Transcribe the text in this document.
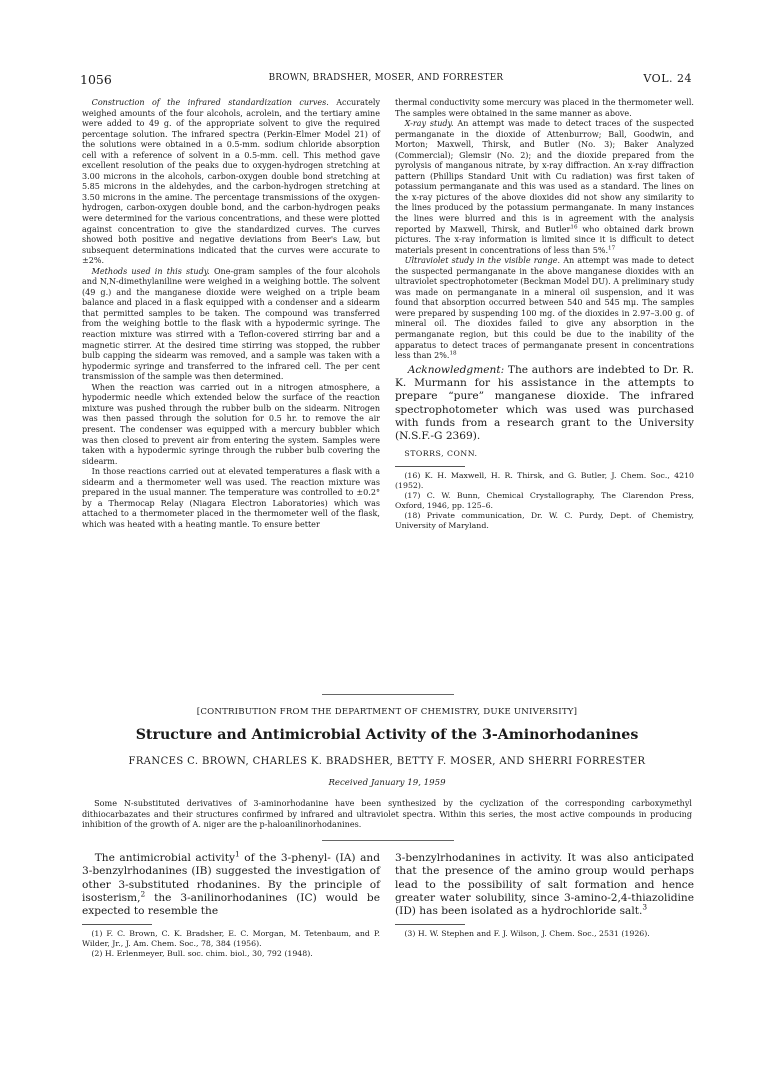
1056	BROWN, BRADSHER, MOSER, AND FORRESTER	VOL. 24

Construction of the infrared standardization curves. Accurately weighed amounts of the four alcohols, acrolein, and the tertiary amine were added to 49 g. of the appropriate solvent to give the required percentage solution. The infrared spectra (Perkin-Elmer Model 21) of the solutions were obtained in a 0.5-mm. sodium chloride absorption cell with a reference of solvent in a 0.5-mm. cell. This method gave excellent resolution of the peaks due to oxygen-hydrogen stretching at 3.00 microns in the alcohols, carbon-oxygen double bond stretching at 5.85 microns in the aldehydes, and the carbon-hydrogen stretching at 3.50 microns in the amine. The percentage transmissions of the oxygen-hydrogen, carbon-oxygen double bond, and the carbon-hydrogen peaks were determined for the various concentrations, and these were plotted against concentration to give the standardized curves. The curves showed both positive and negative deviations from Beer's Law, but subsequent determinations indicated that the curves were accurate to ±2%.

Methods used in this study. One-gram samples of the four alcohols and N,N-dimethylaniline were weighed in a weighing bottle. The solvent (49 g.) and the manganese dioxide were weighed on a triple beam balance and placed in a flask equipped with a condenser and a sidearm that permitted samples to be taken. The compound was transferred from the weighing bottle to the flask with a hypodermic syringe. The reaction mixture was stirred with a Teflon-covered stirring bar and a magnetic stirrer. At the desired time stirring was stopped, the rubber bulb capping the sidearm was removed, and a sample was taken with a hypodermic syringe and transferred to the infrared cell. The per cent transmission of the sample was then determined.

When the reaction was carried out in a nitrogen atmosphere, a hypodermic needle which extended below the surface of the reaction mixture was pushed through the rubber bulb on the sidearm. Nitrogen was then passed through the solution for 0.5 hr. to remove the air present. The condenser was equipped with a mercury bubbler which was then closed to prevent air from entering the system. Samples were taken with a hypodermic syringe through the rubber bulb covering the sidearm.

In those reactions carried out at elevated temperatures a flask with a sidearm and a thermometer well was used. The reaction mixture was prepared in the usual manner. The temperature was controlled to ±0.2° by a Thermocap Relay (Niagara Electron Laboratories) which was attached to a thermometer placed in the thermometer well of the flask, which was heated with a heating mantle. To ensure better

thermal conductivity some mercury was placed in the thermometer well. The samples were obtained in the same manner as above.

X-ray study. An attempt was made to detect traces of the suspected permanganate in the dioxide of Attenburrow; Ball, Goodwin, and Morton; Maxwell, Thirsk, and Butler (No. 3); Baker Analyzed (Commercial); Glemsir (No. 2); and the dioxide prepared from the pyrolysis of manganous nitrate, by x-ray diffraction. An x-ray diffraction pattern (Phillips Standard Unit with Cu radiation) was first taken of potassium permanganate and this was used as a standard. The lines on the x-ray pictures of the above dioxides did not show any similarity to the lines produced by the potassium permanganate. In many instances the lines were blurred and this is in agreement with the analysis reported by Maxwell, Thirsk, and Butler$^{16}$ who obtained dark brown pictures. The x-ray information is limited since it is difficult to detect materials present in concentrations of less than 5%.$^{17}$

Ultraviolet study in the visible range. An attempt was made to detect the suspected permanganate in the above manganese dioxides with an ultraviolet spectrophotometer (Beckman Model DU). A preliminary study was made on permanganate in a mineral oil suspension, and it was found that absorption occurred between 540 and 545 mμ. The samples were prepared by suspending 100 mg. of the dioxides in 2.97–3.00 g. of mineral oil. The dioxides failed to give any absorption in the permanganate region, but this could be due to the inability of the apparatus to detect traces of permanganate present in concentrations less than 2%.$^{18}$

Acknowledgment: The authors are indebted to Dr. R. K. Murmann for his assistance in the attempts to prepare “pure” manganese dioxide. The infrared spectrophotometer which was used was purchased with funds from a research grant to the University (N.S.F.-G 2369).

STORRS, CONN.

(16) K. H. Maxwell, H. R. Thirsk, and G. Butler, J. Chem. Soc., 4210 (1952).

(17) C. W. Bunn, Chemical Crystallography, The Clarendon Press, Oxford, 1946, pp. 125–6.

(18) Private communication, Dr. W. C. Purdy, Dept. of Chemistry, University of Maryland.

[CONTRIBUTION FROM THE DEPARTMENT OF CHEMISTRY, DUKE UNIVERSITY]
Structure and Antimicrobial Activity of the 3-Aminorhodanines
FRANCES C. BROWN, CHARLES K. BRADSHER, BETTY F. MOSER, AND SHERRI FORRESTER
Received January 19, 1959
Some N-substituted derivatives of 3-aminorhodanine have been synthesized by the cyclization of the corresponding carboxymethyl dithiocarbazates and their structures confirmed by infrared and ultraviolet spectra. Within this series, the most active compounds in producing inhibition of the growth of A. niger are the p-haloanilinorhodanines.

The antimicrobial activity$^1$ of the 3-phenyl- (IA) and 3-benzylrhodanines (IB) suggested the investigation of other 3-substituted rhodanines. By the principle of isosterism,$^2$ the 3-anilinorhodanines (IC) would be expected to resemble the

(1) F. C. Brown, C. K. Bradsher, E. C. Morgan, M. Tetenbaum, and P. Wilder, Jr., J. Am. Chem. Soc., 78, 384 (1956).

(2) H. Erlenmeyer, Bull. soc. chim. biol., 30, 792 (1948).

3-benzylrhodanines in activity. It was also anticipated that the presence of the amino group would perhaps lead to the possibility of salt formation and hence greater water solubility, since 3-amino-2,4-thiazolidine (ID) has been isolated as a hydrochloride salt.$^3$

(3) H. W. Stephen and F. J. Wilson, J. Chem. Soc., 2531 (1926).
